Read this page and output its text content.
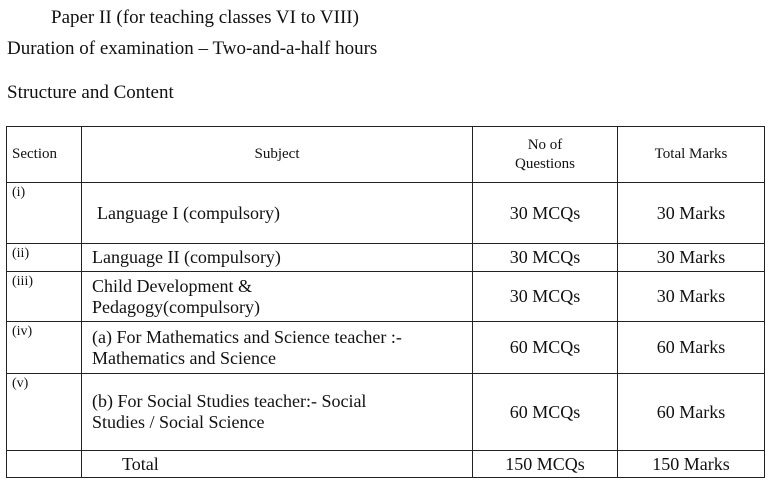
Paper II (for teaching classes VI to VIII)
Duration of examination – Two-and-a-half hours
Structure and Content
Section	Subject	No of Questions	Total Marks
(i)	Language I (compulsory)	30 MCQs	30 Marks
(ii)	Language II (compulsory)	30 MCQs	30 Marks
(iii)	Child Development & Pedagogy(compulsory)	30 MCQs	30 Marks
(iv)	(a) For Mathematics and Science teacher :- Mathematics and Science	60 MCQs	60 Marks
(v)	(b) For Social Studies teacher:- Social Studies / Social Science	60 MCQs	60 Marks
	Total	150 MCQs	150 Marks
